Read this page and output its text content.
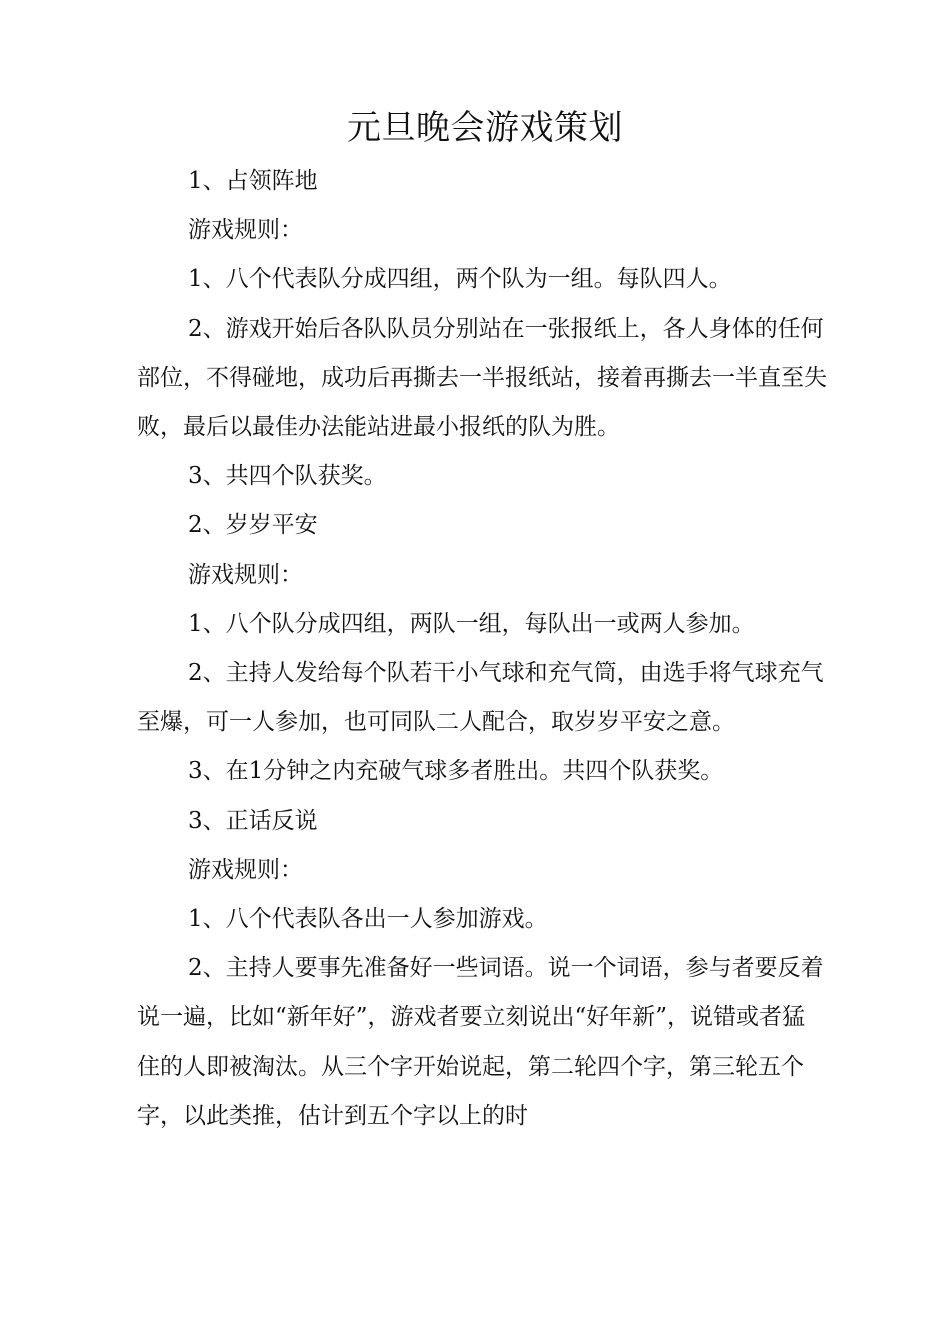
元旦晚会游戏策划

1、占领阵地

游戏规则：

1、八个代表队分成四组，两个队为一组。每队四人。

2、游戏开始后各队队员分别站在一张报纸上，各人身体的任何部位，不得碰地，成功后再撕去一半报纸站，接着再撕去一半直至失败，最后以最佳办法能站进最小报纸的队为胜。

3、共四个队获奖。

2、岁岁平安

游戏规则：

1、八个队分成四组，两队一组，每队出一或两人参加。

2、主持人发给每个队若干小气球和充气筒，由选手将气球充气至爆，可一人参加，也可同队二人配合，取岁岁平安之意。

3、在1分钟之内充破气球多者胜出。共四个队获奖。

3、正话反说

游戏规则：

1、八个代表队各出一人参加游戏。

2、主持人要事先准备好一些词语。说一个词语，参与者要反着说一遍，比如“新年好”，游戏者要立刻说出“好年新”，说错或者猛住的人即被淘汰。从三个字开始说起，第二轮四个字，第三轮五个字，以此类推，估计到五个字以上的时
